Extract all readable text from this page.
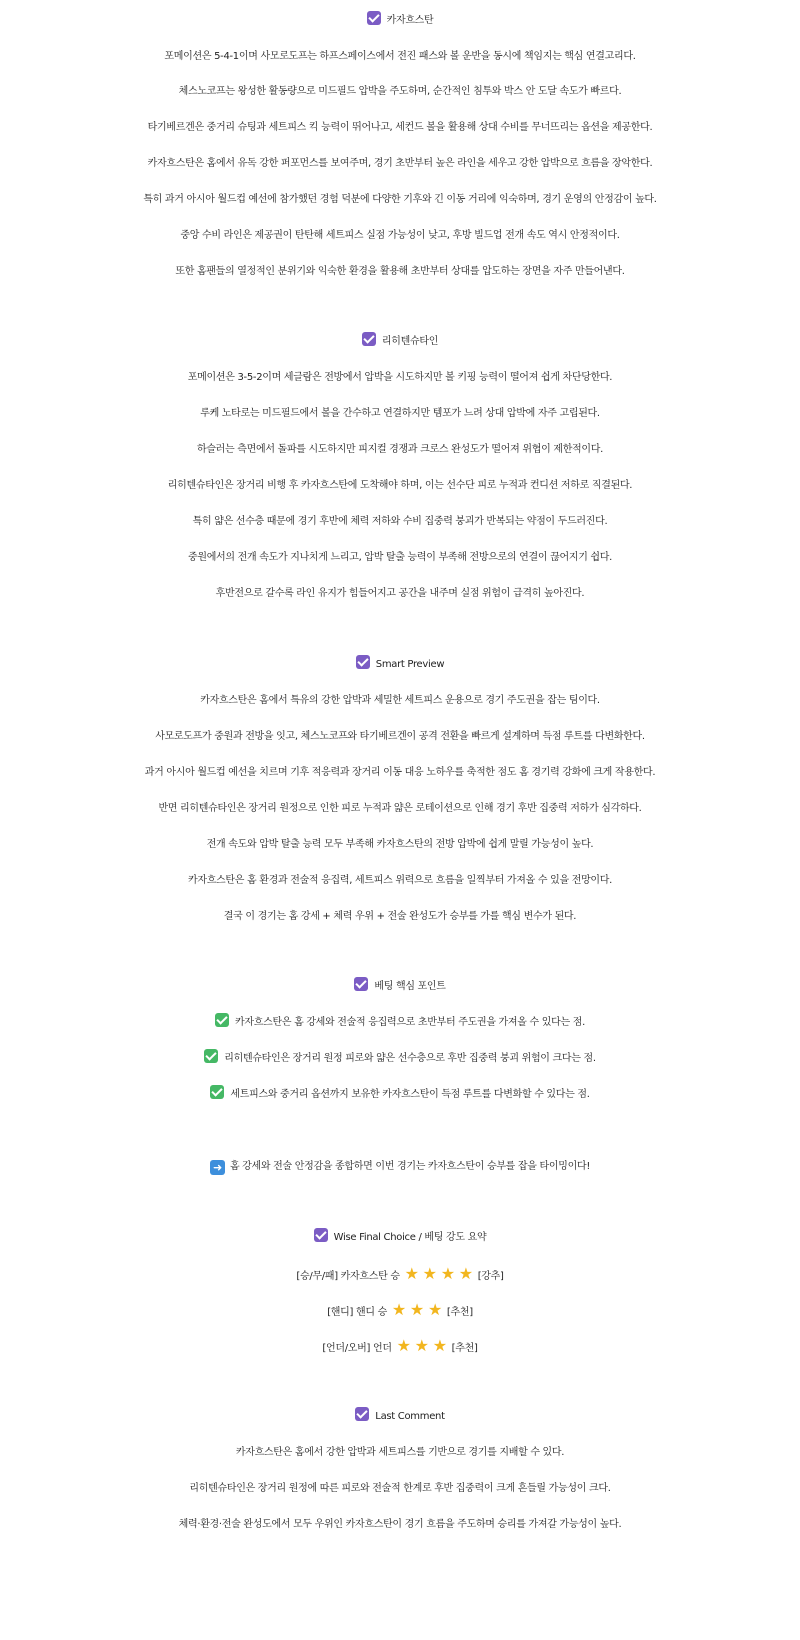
카자흐스탄
포메이션은 5-4-1이며 사모로도프는 하프스페이스에서 전진 패스와 볼 운반을 동시에 책임지는 핵심 연결고리다.
체스노코프는 왕성한 활동량으로 미드필드 압박을 주도하며, 순간적인 침투와 박스 안 도달 속도가 빠르다.
타기베르겐은 중거리 슈팅과 세트피스 킥 능력이 뛰어나고, 세컨드 볼을 활용해 상대 수비를 무너뜨리는 옵션을 제공한다.
카자흐스탄은 홈에서 유독 강한 퍼포먼스를 보여주며, 경기 초반부터 높은 라인을 세우고 강한 압박으로 흐름을 장악한다.
특히 과거 아시아 월드컵 예선에 참가했던 경험 덕분에 다양한 기후와 긴 이동 거리에 익숙하며, 경기 운영의 안정감이 높다.
중앙 수비 라인은 제공권이 탄탄해 세트피스 실점 가능성이 낮고, 후방 빌드업 전개 속도 역시 안정적이다.
또한 홈팬들의 열정적인 분위기와 익숙한 환경을 활용해 초반부터 상대를 압도하는 장면을 자주 만들어낸다.
리히텐슈타인
포메이션은 3-5-2이며 세글람은 전방에서 압박을 시도하지만 볼 키핑 능력이 떨어져 쉽게 차단당한다.
루케 노타로는 미드필드에서 볼을 간수하고 연결하지만 템포가 느려 상대 압박에 자주 고립된다.
하슬러는 측면에서 돌파를 시도하지만 피지컬 경쟁과 크로스 완성도가 떨어져 위협이 제한적이다.
리히텐슈타인은 장거리 비행 후 카자흐스탄에 도착해야 하며, 이는 선수단 피로 누적과 컨디션 저하로 직결된다.
특히 얇은 선수층 때문에 경기 후반에 체력 저하와 수비 집중력 붕괴가 반복되는 약점이 두드러진다.
중원에서의 전개 속도가 지나치게 느리고, 압박 탈출 능력이 부족해 전방으로의 연결이 끊어지기 쉽다.
후반전으로 갈수록 라인 유지가 힘들어지고 공간을 내주며 실점 위험이 급격히 높아진다.
Smart Preview
카자흐스탄은 홈에서 특유의 강한 압박과 세밀한 세트피스 운용으로 경기 주도권을 잡는 팀이다.
사모로도프가 중원과 전방을 잇고, 체스노코프와 타기베르겐이 공격 전환을 빠르게 설계하며 득점 루트를 다변화한다.
과거 아시아 월드컵 예선을 치르며 기후 적응력과 장거리 이동 대응 노하우를 축적한 점도 홈 경기력 강화에 크게 작용한다.
반면 리히텐슈타인은 장거리 원정으로 인한 피로 누적과 얇은 로테이션으로 인해 경기 후반 집중력 저하가 심각하다.
전개 속도와 압박 탈출 능력 모두 부족해 카자흐스탄의 전방 압박에 쉽게 말릴 가능성이 높다.
카자흐스탄은 홈 환경과 전술적 응집력, 세트피스 위력으로 흐름을 일찍부터 가져올 수 있을 전망이다.
결국 이 경기는 홈 강세 + 체력 우위 + 전술 완성도가 승부를 가를 핵심 변수가 된다.
베팅 핵심 포인트
카자흐스탄은 홈 강세와 전술적 응집력으로 초반부터 주도권을 가져올 수 있다는 점.
리히텐슈타인은 장거리 원정 피로와 얇은 선수층으로 후반 집중력 붕괴 위험이 크다는 점.
세트피스와 중거리 옵션까지 보유한 카자흐스탄이 득점 루트를 다변화할 수 있다는 점.
➜ 홈 강세와 전술 안정감을 종합하면 이번 경기는 카자흐스탄이 승부를 잡을 타이밍이다!
Wise Final Choice / 베팅 강도 요약
[승/무/패] 카자흐스탄 승 ★ ★ ★ ★ [강추]
[핸디] 핸디 승 ★ ★ ★ [추천]
[언더/오버] 언더 ★ ★ ★ [추천]
Last Comment
카자흐스탄은 홈에서 강한 압박과 세트피스를 기반으로 경기를 지배할 수 있다.
리히텐슈타인은 장거리 원정에 따른 피로와 전술적 한계로 후반 집중력이 크게 흔들릴 가능성이 크다.
체력·환경·전술 완성도에서 모두 우위인 카자흐스탄이 경기 흐름을 주도하며 승리를 가져갈 가능성이 높다.
